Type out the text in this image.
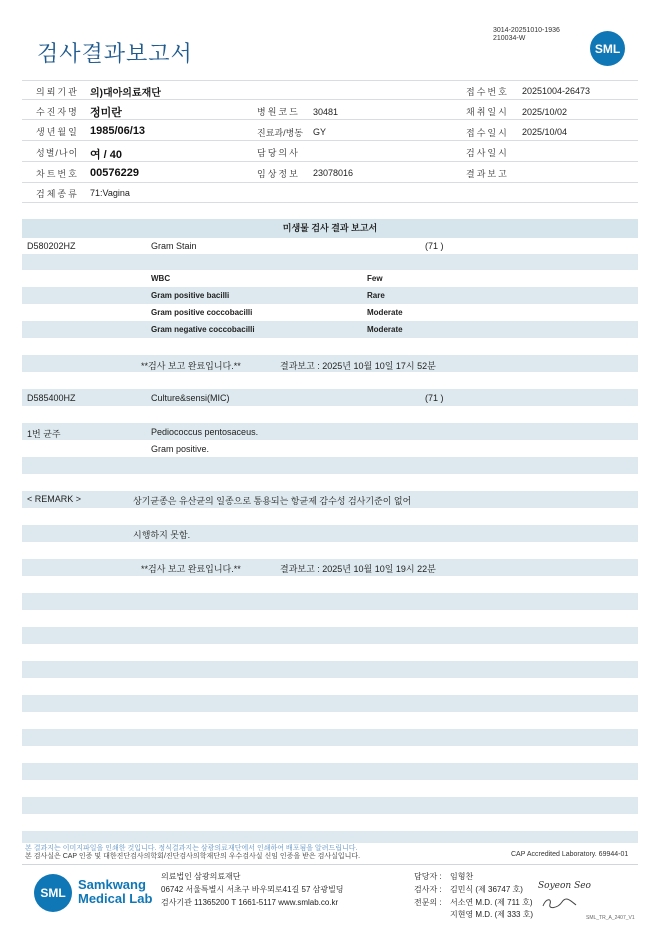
검사결과보고서
3014-20251010-1936
210034-W
SML
의뢰기관 의)대아의료재단	접수번호 20251004-26473
수진자명 정미란	병원코드 30481	채취일시 2025/10/02
생년월일 1985/06/13	진료과/병동 GY	접수일시 2025/10/04
성별/나이 여 / 40	담당의사	검사일시
차트번호 00576229	임상정보 23078016	결과보고
검체종류 71:Vagina
미생물 검사 결과 보고서
D580202HZ	Gram Stain	(71 )
WBC	Few
Gram positive bacilli	Rare
Gram positive coccobacilli	Moderate
Gram negative coccobacilli	Moderate
**검사 보고 완료입니다.**	결과보고 : 2025년 10월 10일 17시 52분
D585400HZ	Culture&sensi(MIC)	(71 )
1번 균주	Pediococcus pentosaceus.
Gram positive.
< REMARK >	상기균종은 유산균의 일종으로 통용되는 항균제 감수성 검사기준이 없어
시행하지 못함.
**검사 보고 완료입니다.**	결과보고 : 2025년 10월 10일 19시 22분
본 결과지는 이미지파일을 인쇄한 것입니다. 정식결과지는 삼광의료재단에서 인쇄하여 배포됨을 알려드립니다.
본 검사실은 CAP 인증 및 대한진단검사의학회/진단검사의학재단의 우수검사실 신임 인증을 받은 검사실입니다.	CAP Accredited Laboratory. 69944-01
SML
Samkwang
Medical Lab
의료법인 삼광의료재단
06742 서울특별시 서초구 바우뫼로41길 57 삼광빌딩
검사기관 11365200 T 1661-5117 www.smlab.co.kr
담당자 : 임형찬
검사자 : 김민식 (제 36747 호)
전문의 : 서소연 M.D. (제 711 호)
지현영 M.D. (제 333 호)
Soyeon Seo
SML_TR_A_2407_V1
